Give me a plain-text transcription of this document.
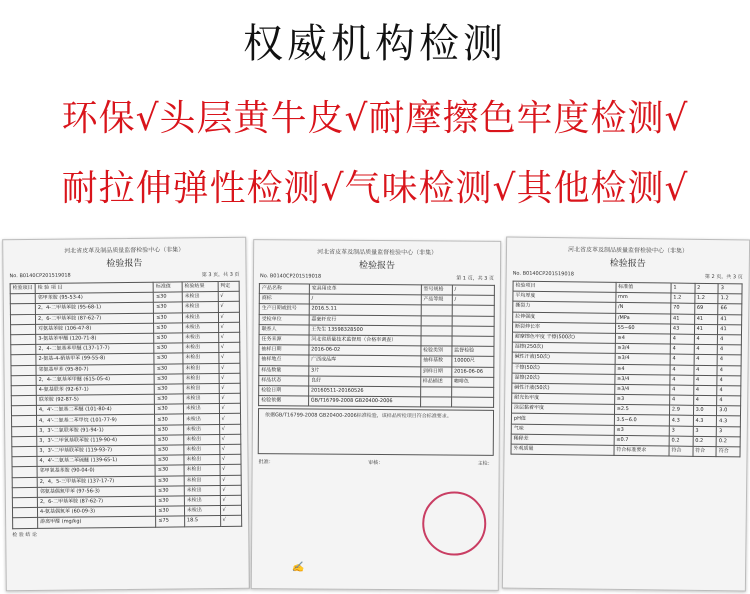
权威机构检测
环保√头层黄牛皮√耐摩擦色牢度检测√
耐拉伸弹性检测√气味检测√其他检测√
河北省皮革及制品质量监督检验中心（非集）
检验报告
No. B0140CP201519018	第 3 页，共 3 页
检验项目	检 验 项 目	标准值	检验结果	判定
	邻甲苯胺 (95-53-4)	≤30	未检出	√
	2，4-二甲基苯胺 (95-68-1)	≤30	未检出	√
	2，6-二甲基苯胺 (87-62-7)	≤30	未检出	√
	对氨基苯胺 (106-47-8)	≤30	未检出	√
	3-氨基苯甲醚 (120-71-8)	≤30	未检出	√
	2，4-二氨基苯甲醚 (137-17-7)	≤30	未检出	√
	2-氨基-4-硝基甲苯 (99-55-8)	≤30	未检出	√
	邻氨基甲苯 (95-80-7)	≤30	未检出	√
	2，4-二氨基苯甲醚 (615-05-4)	≤30	未检出	√
	4-氨基联苯 (92-67-1)	≤30	未检出	√
	联苯胺 (92-87-5)	≤30	未检出	√
	4，4'-二氨基二苯醚 (101-80-4)	≤30	未检出	√
	4，4'-二氨基二苯甲烷 (101-77-9)	≤30	未检出	√
	3，3'-二氯联苯胺 (91-94-1)	≤30	未检出	√
	3，3'-二甲氧基联苯胺 (119-90-4)	≤30	未检出	√
	3，3'-二甲基联苯胺 (119-93-7)	≤30	未检出	√
	4，4'-二氨基二苯硫醚 (139-65-1)	≤30	未检出	√
	邻甲氧基苯胺 (90-04-0)	≤30	未检出	√
	2，4，5-三甲基苯胺 (137-17-7)	≤30	未检出	√
	邻氨基偶氮甲苯 (97-56-3)	≤30	未检出	√
	2，6-二甲基苯胺 (87-62-7)	≤30	未检出	√
	4-氨基偶氮苯 (60-09-3)	≤30	未检出	√
	游离甲醛 (mg/kg)	≤75	18.5	√
检 验 结 论
河北省皮革及制品质量监督检验中心（非集）
检验报告
No. B0140CP201519018	第 1 页，共 3 页
产品名称	家具用皮革	型号规格	/
商标	/	产品等级	/
生产日期或批号	2016.5.11		
受检单位	嘉豪轩皮行		
联系人	王先生 13598328500		
任务来源	河北省质量技术监督局（合格率调查）		
抽样日期	2016-06-02	检验类别	监督检验
抽样地点	广西成品库	抽样基数	10000尺
样品数量	3片	到样日期	2016-06-06
样品状态	良好	样品描述	咖啡色
检验日期	20160511-20160526		
检验依据	GB/T16799-2008 GB20400-2006		
依据GB/T16799-2008 GB20400-2006标准检验，该样品所检项目符合标准要求。
批准：	审核：	主检：
✍
河北省皮革及制品质量监督检验中心（非集）
检验报告
No. B0140CP201519018	第 2 页，共 3 页
检验项目	标准值	1	2	3
平均厚度	mm	1.2	1.2	1.2
撕裂力	/N	70	69	66
拉伸强度	/MPa	41	41	41
断裂伸长率	55~60	43	41	41
耐摩擦色牢度 干擦(500次)	≥4	4	4	4
湿擦(250次)	≥3/4	4	4	4
碱性汗液(50次)	≥3/4	4	4	4
干擦(50次)	≥4	4	4	4
湿擦(20次)	≥3/4	4	4	4
碱性汗液(50次)	≥3/4	4	4	4
耐光色牢度	≥3	4	4	4
涂层黏着牢度	≥2.5	2.9	3.0	3.0
pH值	3.5~6.0	4.3	4.3	4.3
气味	≤3	3	3	3
稀释差	≤0.7	0.2	0.2	0.2
外观质量	符合标准要求	符合	符合	符合
